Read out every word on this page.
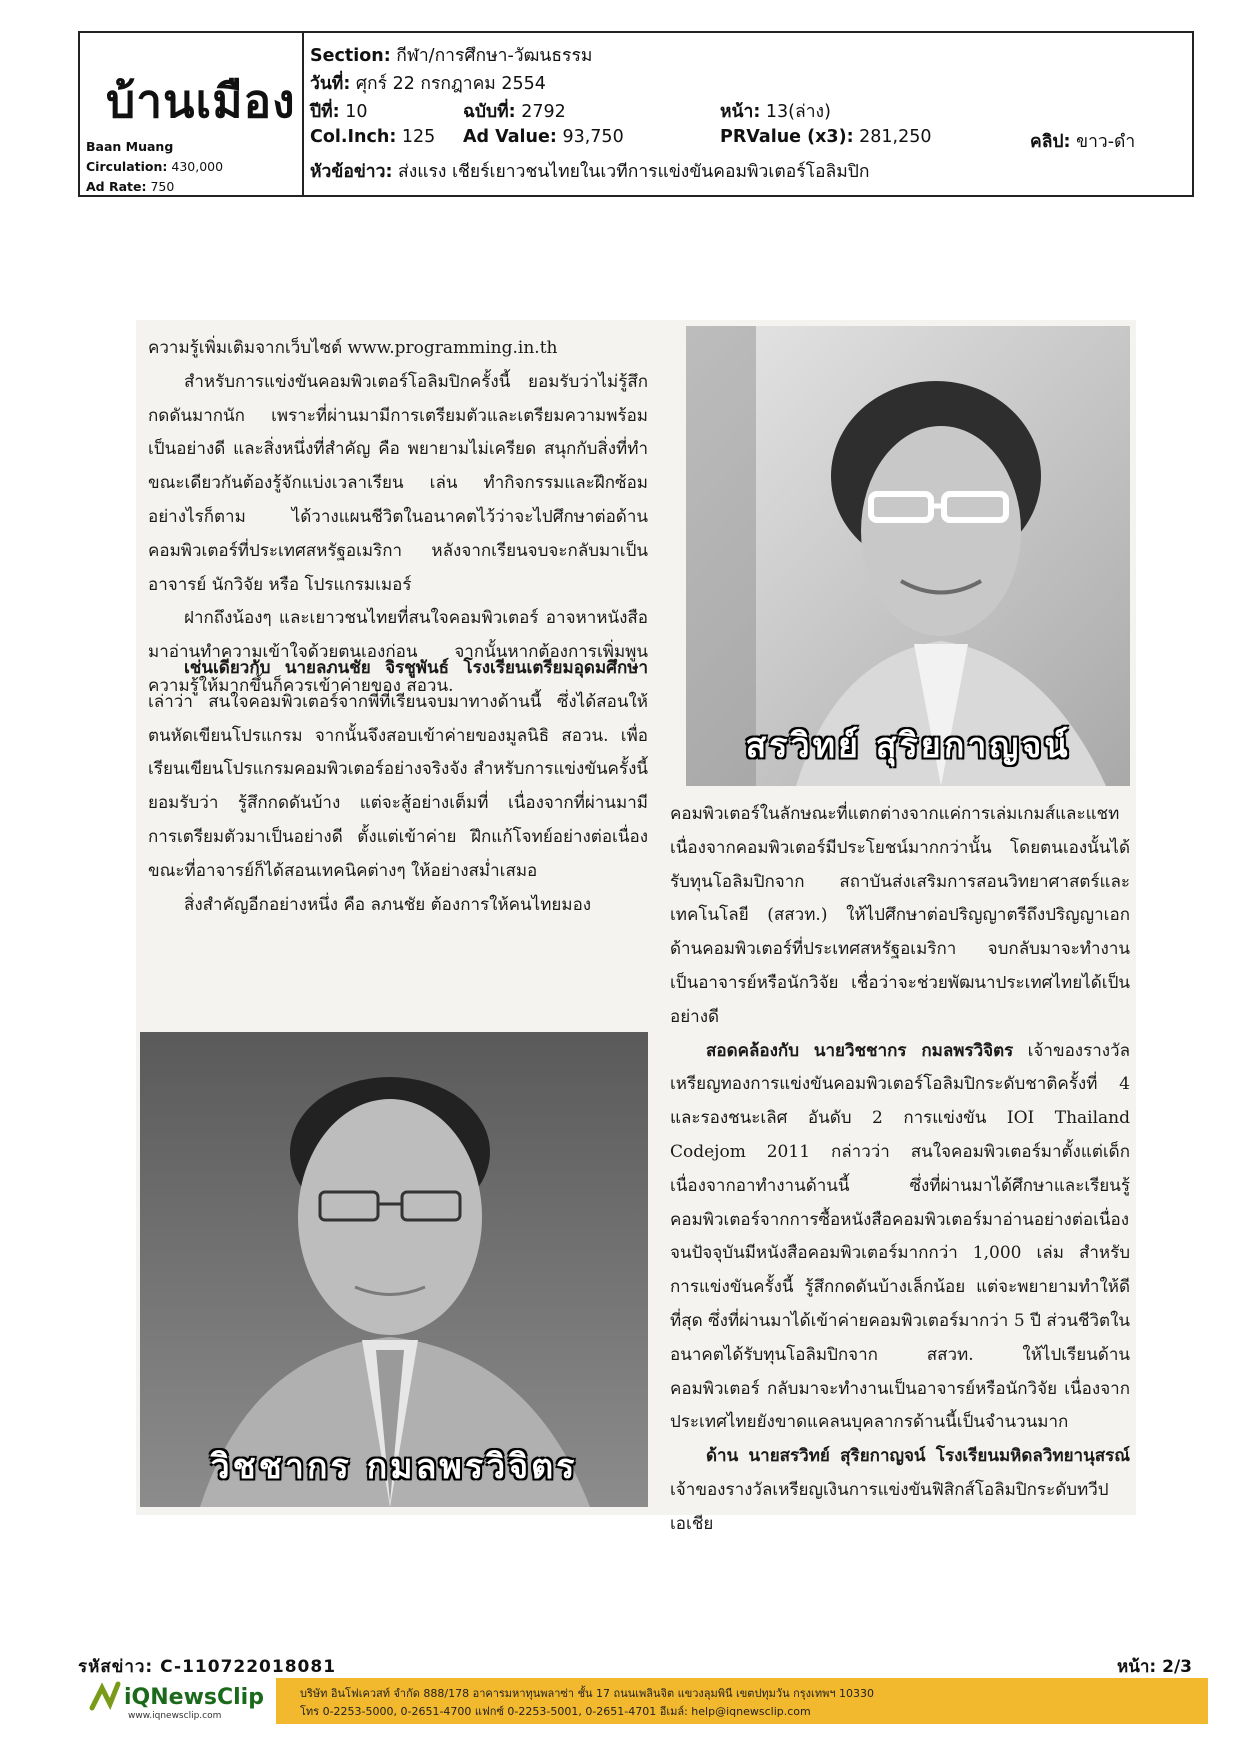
บ้านเมือง
Baan Muang
Circulation: 430,000
Ad Rate: 750
Section: กีฬา/การศึกษา-วัฒนธรรม
วันที่: ศุกร์ 22 กรกฎาคม 2554
ปีที่: 10	ฉบับที่: 2792	หน้า: 13(ล่าง)
Col.Inch: 125 Ad Value: 93,750	PRValue (x3): 281,250	คลิป: ขาว-ดำ
หัวข้อข่าว: ส่งแรง เชียร์เยาวชนไทยในเวทีการแข่งขันคอมพิวเตอร์โอลิมปิก

ความรู้เพิ่มเติมจากเว็บไซต์ www.programming.in.th

สำหรับการแข่งขันคอมพิวเตอร์โอลิมปิกครั้งนี้ ยอมรับว่าไม่รู้สึกกดดันมากนัก เพราะที่ผ่านมามีการเตรียมตัวและเตรียมความพร้อมเป็นอย่างดี และสิ่งหนึ่งที่สำคัญ คือ พยายามไม่เครียด สนุกกับสิ่งที่ทำ ขณะเดียวกันต้องรู้จักแบ่งเวลาเรียน เล่น ทำกิจกรรมและฝึกซ้อม อย่างไรก็ตาม ได้วางแผนชีวิตในอนาคตไว้ว่าจะไปศึกษาต่อด้านคอมพิวเตอร์ที่ประเทศสหรัฐอเมริกา หลังจากเรียนจบจะกลับมาเป็นอาจารย์ นักวิจัย หรือ โปรแกรมเมอร์

ฝากถึงน้องๆ และเยาวชนไทยที่สนใจคอมพิวเตอร์ อาจหาหนังสือมาอ่านทำความเข้าใจด้วยตนเองก่อน จากนั้นหากต้องการเพิ่มพูนความรู้ให้มากขึ้นก็ควรเข้าค่ายของ สอวน.

สรวิทย์ สุริยกาญจน์

เช่นเดียวกับ นายลภนชัย จิรชูพันธ์ โรงเรียนเตรียมอุดมศึกษา เล่าว่า สนใจคอมพิวเตอร์จากพี่ที่เรียนจบมาทางด้านนี้ ซึ่งได้สอนให้ตนหัดเขียนโปรแกรม จากนั้นจึงสอบเข้าค่ายของมูลนิธิ สอวน. เพื่อเรียนเขียนโปรแกรมคอมพิวเตอร์อย่างจริงจัง สำหรับการแข่งขันครั้งนี้ ยอมรับว่า รู้สึกกดดันบ้าง แต่จะสู้อย่างเต็มที่ เนื่องจากที่ผ่านมามีการเตรียมตัวมาเป็นอย่างดี ตั้งแต่เข้าค่าย ฝึกแก้โจทย์อย่างต่อเนื่อง ขณะที่อาจารย์ก็ได้สอนเทคนิคต่างๆ ให้อย่างสม่ำเสมอ

สิ่งสำคัญอีกอย่างหนึ่ง คือ ลภนชัย ต้องการให้คนไทยมอง

คอมพิวเตอร์ในลักษณะที่แตกต่างจากแค่การเล่มเกมส์และแชท เนื่องจากคอมพิวเตอร์มีประโยชน์มากกว่านั้น โดยตนเองนั้นได้รับทุนโอลิมปิกจาก สถาบันส่งเสริมการสอนวิทยาศาสตร์และเทคโนโลยี (สสวท.) ให้ไปศึกษาต่อปริญญาตรีถึงปริญญาเอก ด้านคอมพิวเตอร์ที่ประเทศสหรัฐอเมริกา จบกลับมาจะทำงานเป็นอาจารย์หรือนักวิจัย เชื่อว่าจะช่วยพัฒนาประเทศไทยได้เป็นอย่างดี

สอดคล้องกับ นายวิชชากร กมลพรวิจิตร เจ้าของรางวัลเหรียญทองการแข่งขันคอมพิวเตอร์โอลิมปิกระดับชาติครั้งที่ 4 และรองชนะเลิศ อันดับ 2 การแข่งขัน IOI Thailand Codejom 2011 กล่าวว่า สนใจคอมพิวเตอร์มาตั้งแต่เด็ก เนื่องจากอาทำงานด้านนี้ ซึ่งที่ผ่านมาได้ศึกษาและเรียนรู้คอมพิวเตอร์จากการซื้อหนังสือคอมพิวเตอร์มาอ่านอย่างต่อเนื่อง จนปัจจุบันมีหนังสือคอมพิวเตอร์มากกว่า 1,000 เล่ม สำหรับการแข่งขันครั้งนี้ รู้สึกกดดันบ้างเล็กน้อย แต่จะพยายามทำให้ดีที่สุด ซึ่งที่ผ่านมาได้เข้าค่ายคอมพิวเตอร์มากว่า 5 ปี ส่วนชีวิตในอนาคตได้รับทุนโอลิมปิกจาก สสวท. ให้ไปเรียนด้านคอมพิวเตอร์ กลับมาจะทำงานเป็นอาจารย์หรือนักวิจัย เนื่องจากประเทศไทยยังขาดแคลนบุคลากรด้านนี้เป็นจำนวนมาก

ด้าน นายสรวิทย์ สุริยกาญจน์ โรงเรียนมหิดลวิทยานุสรณ์ เจ้าของรางวัลเหรียญเงินการแข่งขันฟิสิกส์โอลิมปิกระดับทวีปเอเชีย

วิชชากร กมลพรวิจิตร
รหัสข่าว: C-110722018081	หน้า: 2/3
iQNewsClip
www.iqnewsclip.com
บริษัท อินโฟเควสท์ จำกัด 888/178 อาคารมหาทุนพลาซ่า ชั้น 17 ถนนเพลินจิต แขวงลุมพินี เขตปทุมวัน กรุงเทพฯ 10330
โทร 0-2253-5000, 0-2651-4700 แฟกซ์ 0-2253-5001, 0-2651-4701 อีเมล์: help@iqnewsclip.com
